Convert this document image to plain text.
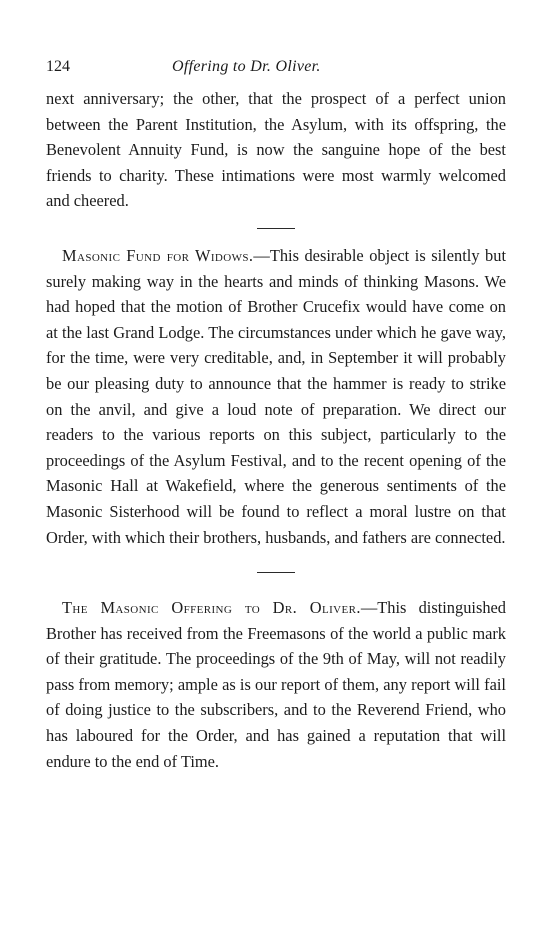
124	Offering to Dr. Oliver.

next anniversary; the other, that the prospect of a perfect union between the Parent Institution, the Asylum, with its offspring, the Benevolent Annuity Fund, is now the sanguine hope of the best friends to charity. These intimations were most warmly welcomed and cheered.

Masonic Fund for Widows.—This desirable object is silently but surely making way in the hearts and minds of thinking Masons. We had hoped that the motion of Brother Crucefix would have come on at the last Grand Lodge. The circumstances under which he gave way, for the time, were very creditable, and, in September it will probably be our pleasing duty to announce that the hammer is ready to strike on the anvil, and give a loud note of preparation. We direct our readers to the various reports on this subject, particularly to the proceedings of the Asylum Festival, and to the recent opening of the Masonic Hall at Wakefield, where the generous sentiments of the Masonic Sisterhood will be found to reflect a moral lustre on that Order, with which their brothers, husbands, and fathers are connected.

The Masonic Offering to Dr. Oliver.—This distinguished Brother has received from the Freemasons of the world a public mark of their gratitude. The proceedings of the 9th of May, will not readily pass from memory; ample as is our report of them, any report will fail of doing justice to the subscribers, and to the Reverend Friend, who has laboured for the Order, and has gained a reputation that will endure to the end of Time.
